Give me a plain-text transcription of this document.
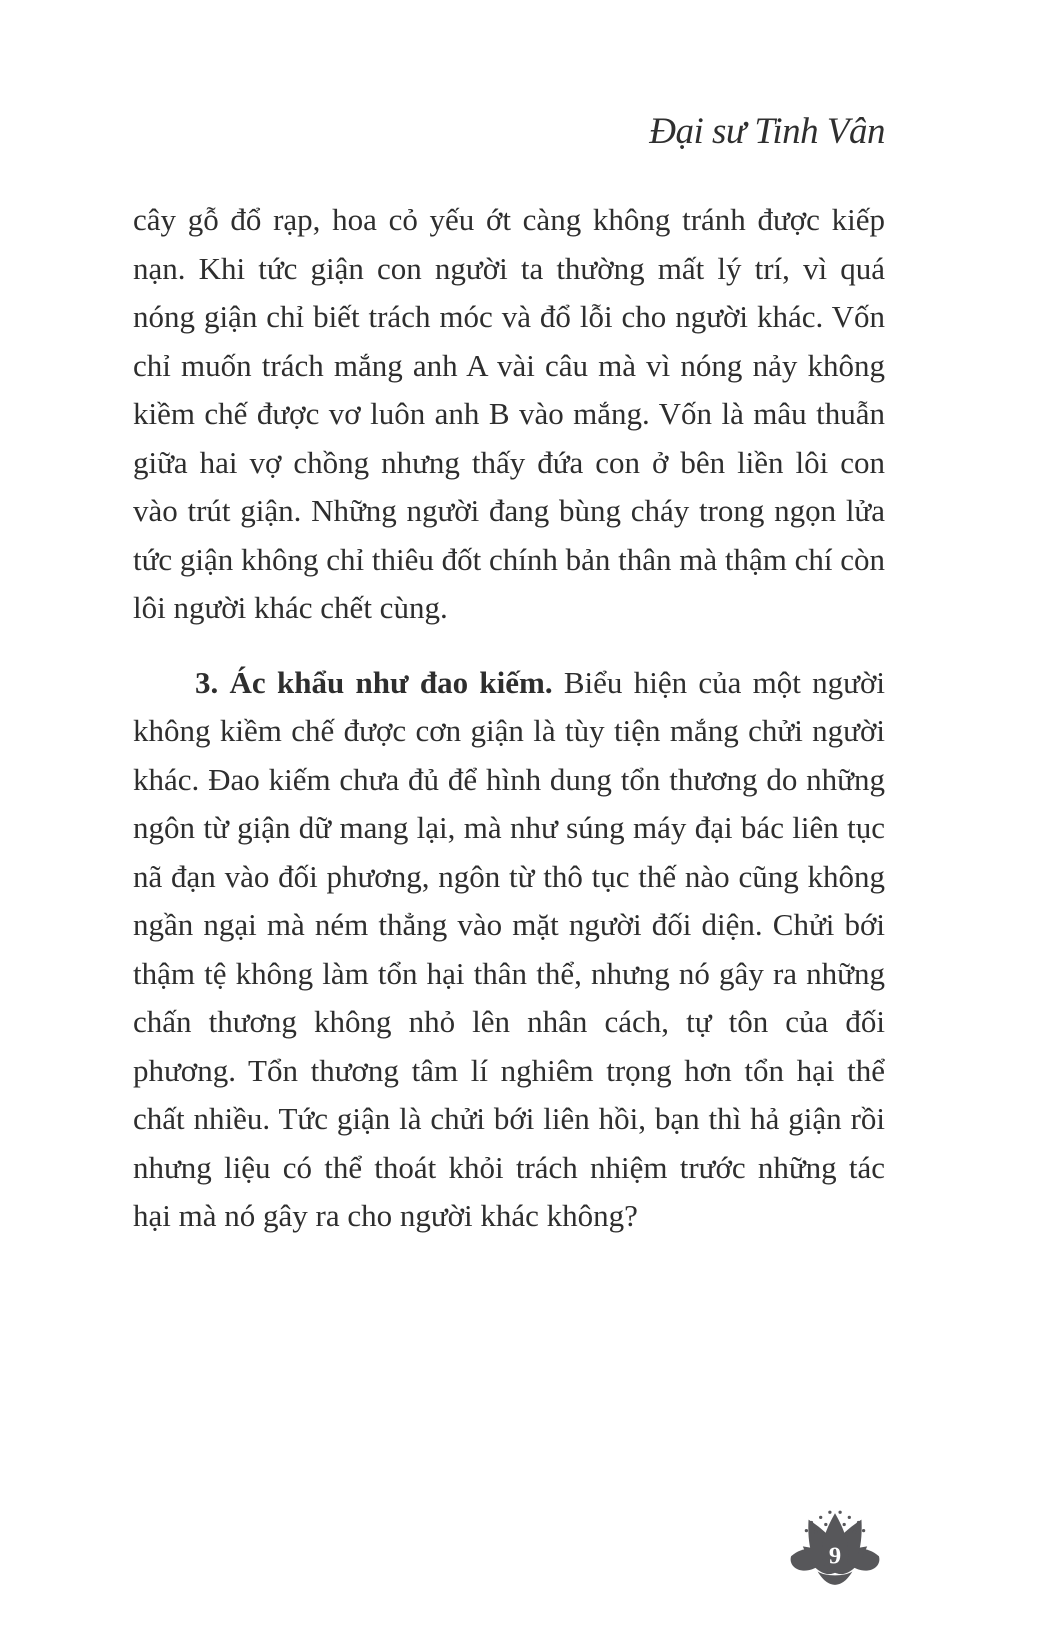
Đại sư Tinh Vân

cây gỗ đổ rạp, hoa cỏ yếu ớt càng không tránh được kiếp nạn. Khi tức giận con người ta thường mất lý trí, vì quá nóng giận chỉ biết trách móc và đổ lỗi cho người khác. Vốn chỉ muốn trách mắng anh A vài câu mà vì nóng nảy không kiềm chế được vơ luôn anh B vào mắng. Vốn là mâu thuẫn giữa hai vợ chồng nhưng thấy đứa con ở bên liền lôi con vào trút giận. Những người đang bùng cháy trong ngọn lửa tức giận không chỉ thiêu đốt chính bản thân mà thậm chí còn lôi người khác chết cùng.

3. Ác khẩu như đao kiếm. Biểu hiện của một người không kiềm chế được cơn giận là tùy tiện mắng chửi người khác. Đao kiếm chưa đủ để hình dung tổn thương do những ngôn từ giận dữ mang lại, mà như súng máy đại bác liên tục nã đạn vào đối phương, ngôn từ thô tục thế nào cũng không ngần ngại mà ném thẳng vào mặt người đối diện. Chửi bới thậm tệ không làm tổn hại thân thể, nhưng nó gây ra những chấn thương không nhỏ lên nhân cách, tự tôn của đối phương. Tổn thương tâm lí nghiêm trọng hơn tổn hại thể chất nhiều. Tức giận là chửi bới liên hồi, bạn thì hả giận rồi nhưng liệu có thể thoát khỏi trách nhiệm trước những tác hại mà nó gây ra cho người khác không?

9
